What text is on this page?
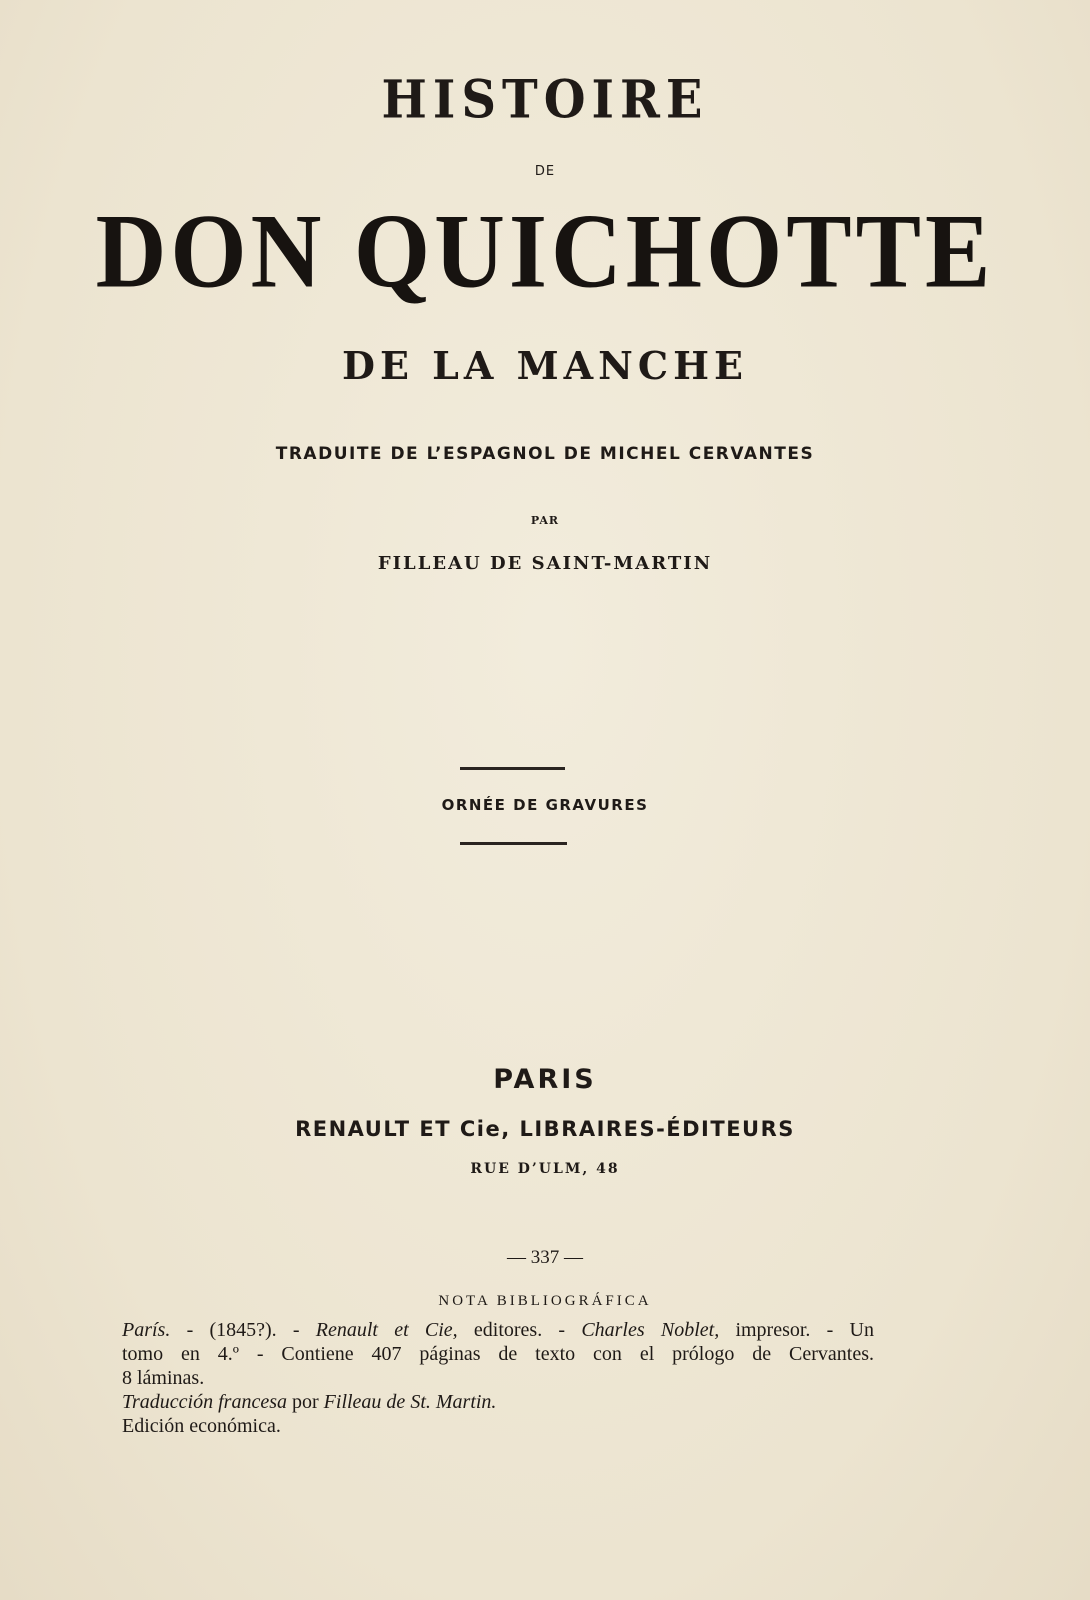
HISTOIRE
DE
DON QUICHOTTE
DE LA MANCHE
TRADUITE DE L’ESPAGNOL DE MICHEL CERVANTES
PAR
FILLEAU DE SAINT-MARTIN
ORNÉE DE GRAVURES
PARIS
RENAULT ET Cie, LIBRAIRES-ÉDITEURS
RUE D’ULM, 48
— 337 —
NOTA BIBLIOGRÁFICA

París. - (1845?). - Renault et Cie, editores. - Charles Noblet, impresor. - Un

tomo en 4.º - Contiene 407 páginas de texto con el prólogo de Cervantes.

8 láminas.

Traducción francesa por Filleau de St. Martin.

Edición económica.
